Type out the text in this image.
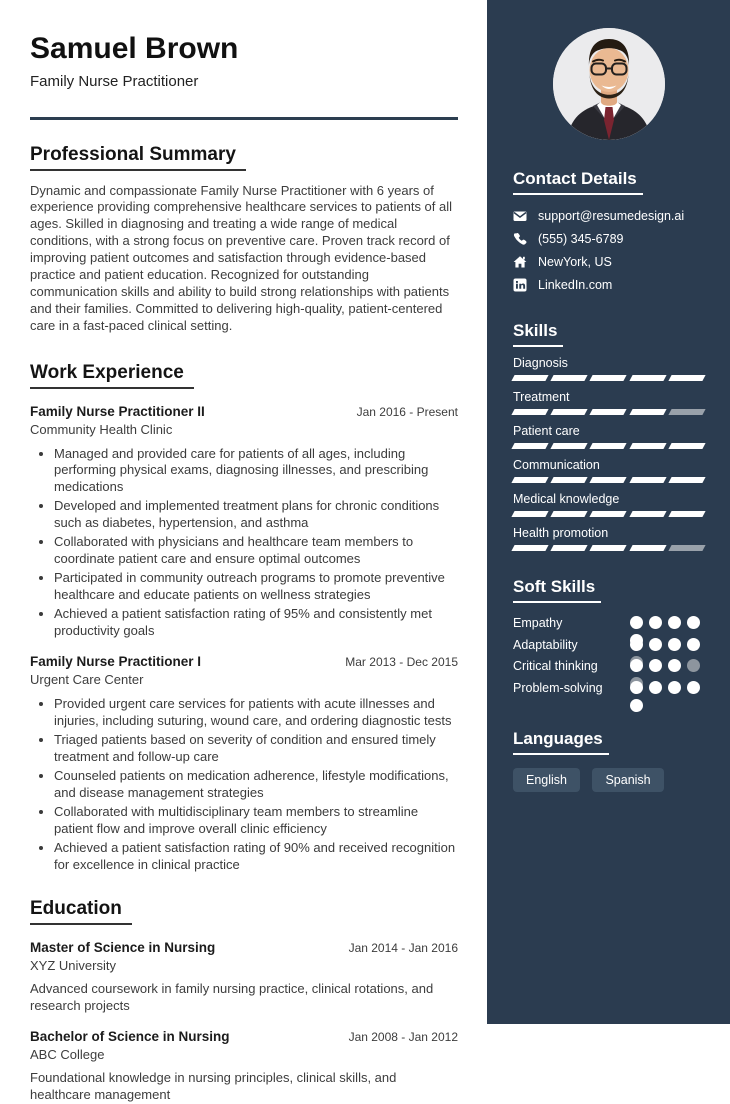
Samuel Brown
Family Nurse Practitioner
Professional Summary
Dynamic and compassionate Family Nurse Practitioner with 6 years of experience providing comprehensive healthcare services to patients of all ages. Skilled in diagnosing and treating a wide range of medical conditions, with a strong focus on preventive care. Proven track record of improving patient outcomes and satisfaction through evidence-based practice and patient education. Recognized for outstanding communication skills and ability to build strong relationships with patients and their families. Committed to delivering high-quality, patient-centered care in a fast-paced clinical setting.
Work Experience
Family Nurse Practitioner II	Jan 2016 - Present
Community Health Clinic
• Managed and provided care for patients of all ages, including performing physical exams, diagnosing illnesses, and prescribing medications
• Developed and implemented treatment plans for chronic conditions such as diabetes, hypertension, and asthma
• Collaborated with physicians and healthcare team members to coordinate patient care and ensure optimal outcomes
• Participated in community outreach programs to promote preventive healthcare and educate patients on wellness strategies
• Achieved a patient satisfaction rating of 95% and consistently met productivity goals
Family Nurse Practitioner I	Mar 2013 - Dec 2015
Urgent Care Center
• Provided urgent care services for patients with acute illnesses and injuries, including suturing, wound care, and ordering diagnostic tests
• Triaged patients based on severity of condition and ensured timely treatment and follow-up care
• Counseled patients on medication adherence, lifestyle modifications, and disease management strategies
• Collaborated with multidisciplinary team members to streamline patient flow and improve overall clinic efficiency
• Achieved a patient satisfaction rating of 90% and received recognition for excellence in clinical practice
Education
Master of Science in Nursing	Jan 2014 - Jan 2016
XYZ University
Advanced coursework in family nursing practice, clinical rotations, and research projects
Bachelor of Science in Nursing	Jan 2008 - Jan 2012
ABC College
Foundational knowledge in nursing principles, clinical skills, and healthcare management
Contact Details
support@resumedesign.ai
(555) 345-6789
NewYork, US
LinkedIn.com
Skills
Diagnosis
Treatment
Patient care
Communication
Medical knowledge
Health promotion
Soft Skills
Empathy
Adaptability
Critical thinking
Problem-solving
Languages
English	Spanish
